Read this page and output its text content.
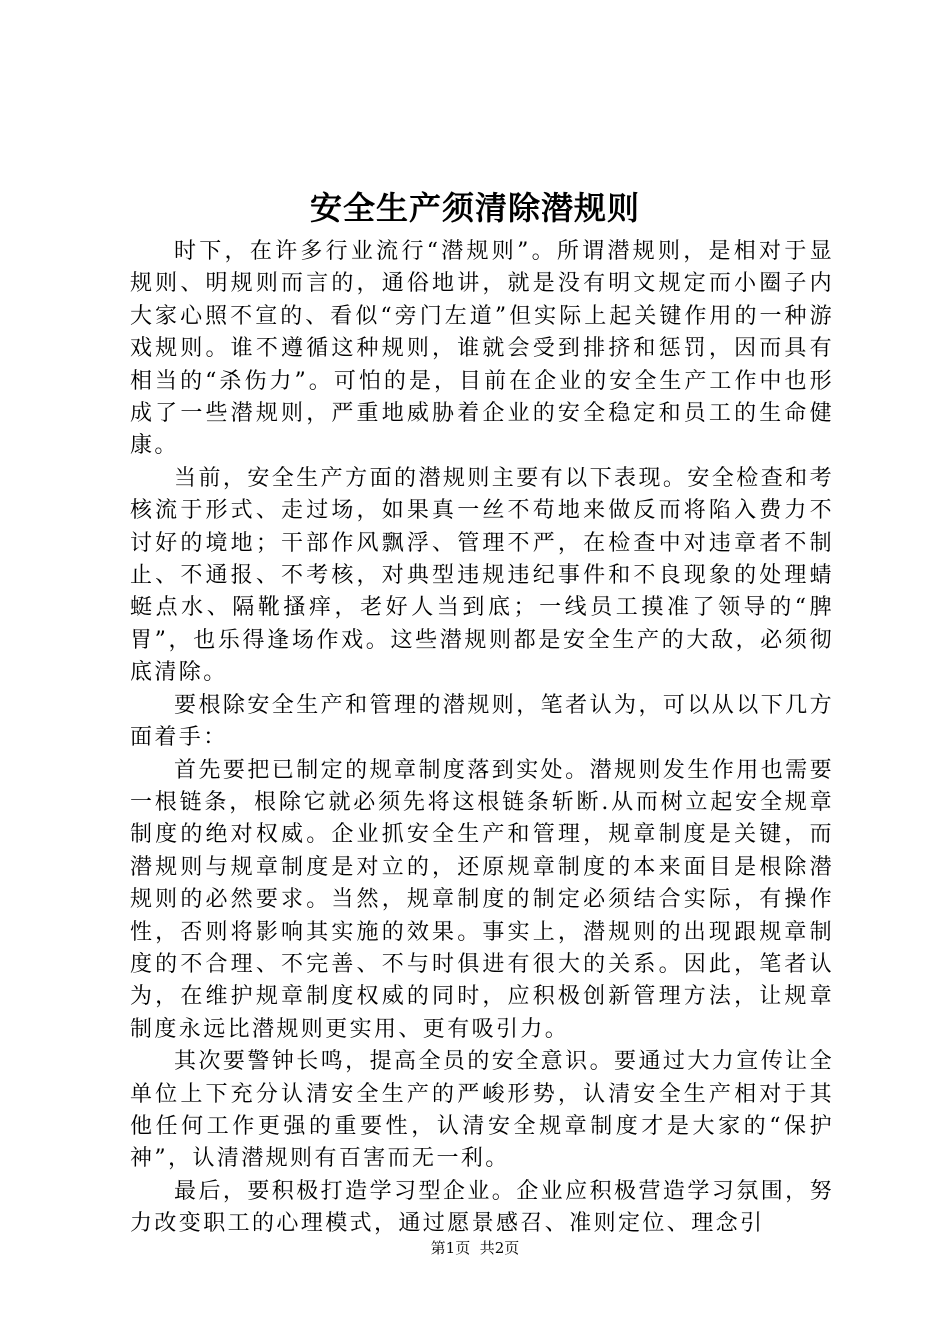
安全生产须清除潜规则

时下，在许多行业流行“潜规则”。所谓潜规则，是相对于显规则、明规则而言的，通俗地讲，就是没有明文规定而小圈子内大家心照不宣的、看似“旁门左道”但实际上起关键作用的一种游戏规则。谁不遵循这种规则，谁就会受到排挤和惩罚，因而具有相当的“杀伤力”。可怕的是，目前在企业的安全生产工作中也形成了一些潜规则，严重地威胁着企业的安全稳定和员工的生命健康。

当前，安全生产方面的潜规则主要有以下表现。安全检查和考核流于形式、走过场，如果真一丝不苟地来做反而将陷入费力不讨好的境地；干部作风飘浮、管理不严，在检查中对违章者不制止、不通报、不考核，对典型违规违纪事件和不良现象的处理蜻蜓点水、隔靴搔痒，老好人当到底；一线员工摸准了领导的“脾胃”，也乐得逢场作戏。这些潜规则都是安全生产的大敌，必须彻底清除。

要根除安全生产和管理的潜规则，笔者认为，可以从以下几方面着手：

首先要把已制定的规章制度落到实处。潜规则发生作用也需要一根链条，根除它就必须先将这根链条斩断.从而树立起安全规章制度的绝对权威。企业抓安全生产和管理，规章制度是关键，而潜规则与规章制度是对立的，还原规章制度的本来面目是根除潜规则的必然要求。当然，规章制度的制定必须结合实际，有操作性，否则将影响其实施的效果。事实上，潜规则的出现跟规章制度的不合理、不完善、不与时俱进有很大的关系。因此，笔者认为，在维护规章制度权威的同时，应积极创新管理方法，让规章制度永远比潜规则更实用、更有吸引力。

其次要警钟长鸣，提高全员的安全意识。要通过大力宣传让全单位上下充分认清安全生产的严峻形势，认清安全生产相对于其他任何工作更强的重要性，认清安全规章制度才是大家的“保护神”，认清潜规则有百害而无一利。

最后，要积极打造学习型企业。企业应积极营造学习氛围，努力改变职工的心理模式，通过愿景感召、准则定位、理念引

第1页 共2页
